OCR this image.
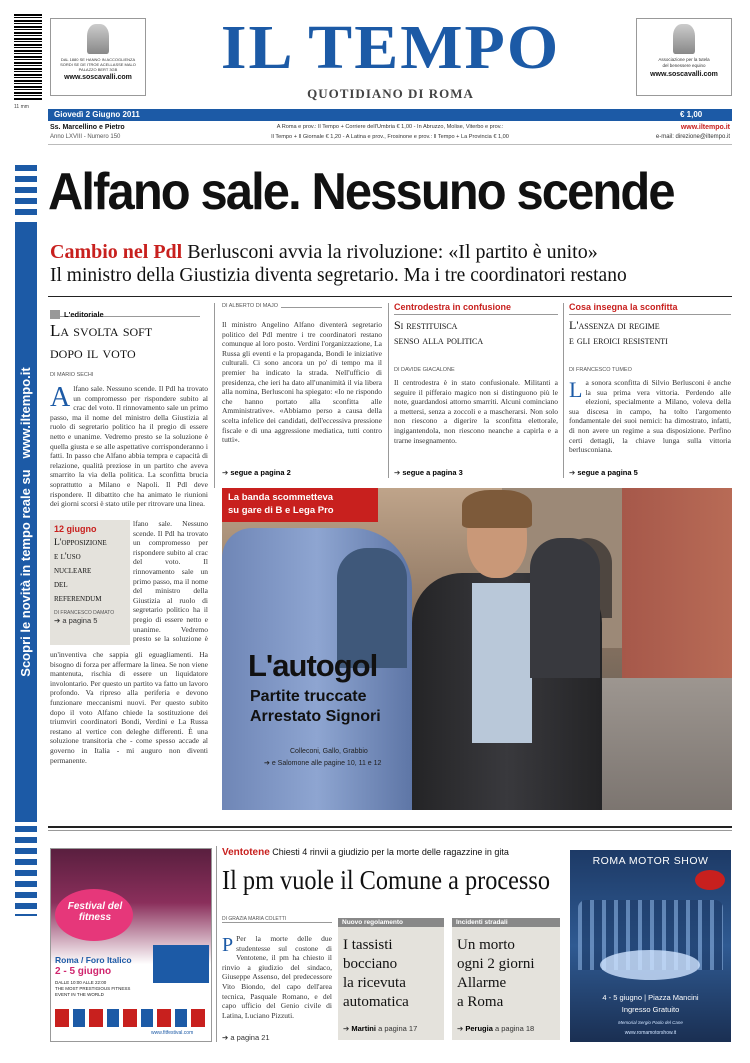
11 mm
DAL 1880 SE HANNO IN ACCOGLIENZA
SORDI SE DE ITROE ACELLASSE MALO
PALAZZO BERT 3GB
www.soscavalli.com	IL TEMPO
QUOTIDIANO DI ROMA
Associazione per la tutela
del benessere equino
www.soscavalli.com
Giovedì 2 Giugno 2011	€ 1,00
Ss. Marcellino e Pietro
Anno LXVIII - Numero 150
A Roma e prov.: Il Tempo + Corriere dell'Umbria € 1,00 - In Abruzzo, Molise, Viterbo e prov.:
Il Tempo + Il Giornale € 1,20 - A Latina e prov., Frosinone e prov.: Il Tempo + La Provincia € 1,00
www.iltempo.it
e-mail: direzione@iltempo.it
Scopri le novità in tempo reale su   www.iltempo.it
Alfano sale. Nessuno scende
Cambio nel Pdl Berlusconi avvia la rivoluzione: «Il partito è unito»
Il ministro della Giustizia diventa segretario. Ma i tre coordinatori restano
L'editoriale
La svolta soft
dopo il voto
DI MARIO SECHI
Alfano sale. Nessuno scende. Il Pdl ha trovato un compromesso per rispondere subito al crac del voto. Il rinnovamento sale un primo passo, ma il nome del ministro della Giustizia al ruolo di segretario politico ha il pregio di essere netto e unanime. Vedremo presto se la soluzione è quella giusta e se alle aspettative corrisponderanno i fatti. In passo che Alfano abbia tempra e capacità di relazione, qualità preziose in un partito che aveva smarrito la via della politica. La sconfitta brucia soprattutto a Milano e Napoli. Il Pdl deve rispondere. Il dibattito che ha animato le riunioni dei giorni scorsi è stato utile per ritrovare una linea.
lfano sale. Nessuno scende. Il Pdl ha trovato un compromesso per rispondere subito al crac del voto. Il rinnovamento sale un primo passo, ma il nome del ministro della Giustizia al ruolo di segretario politico ha il pregio di essere netto e unanime. Vedremo presto se la soluzione è
un'inventiva che sappia gli eguagliamenti. Ha bisogno di forza per affermare la linea. Se non viene mantenuta, rischia di essere un liquidatore involontario. Per questo un partito va fatto un lavoro profondo. Va ripreso alla periferia e devono funzionare meccanismi nuovi. Per questo subito dopo il voto Alfano chiede la sostituzione dei triumviri coordinatori Bondi, Verdini e La Russa restano al vertice con deleghe differenti. È una soluzione transitoria che - come spesso accade al governo in Italia - mi auguro non diventi permanente.
12 giugno
L'opposizione
e l'uso
nucleare
del
referendum
DI FRANCESCO DAMATO
➔ a pagina 5
DI ALBERTO DI MAJO
Il ministro Angelino Alfano diventerà segretario politico del Pdl mentre i tre coordinatori restano comunque al loro posto. Verdini l'organizzazione, La Russa gli eventi e la propaganda, Bondi le iniziative culturali. Ci sono ancora un po' di tempo ma il premier ha indicato la strada. Nell'ufficio di presidenza, che ieri ha dato all'unanimità il via libera alla nomina, Berlusconi ha spiegato: «Io ne rispondo che hanno portato alla sconfitta alle Amministrative». «Abbiamo perso a causa della scelta infelice dei candidati, dell'eccessiva pressione fiscale e di una aggressione mediatica, tutti contro tutti».
➔ segue a pagina 2
Centrodestra in confusione
Si restituisca
senso alla politica
DI DAVIDE GIACALONE
Il centrodestra è in stato confusionale. Militanti a seguire il pifferaio magico non si distinguono più le note, guardandosi attorno smarriti. Alcuni cominciano a mettersi, senza a zoccoli e a mascherarsi. Non solo non riescono a digerire la sconfitta elettorale, ingigantendola, non riescono neanche a capirla e a trarne insegnamento.
➔ segue a pagina 3
Cosa insegna la sconfitta
L'assenza di regime
e gli eroici resistenti
DI FRANCESCO TUMEO
La sonora sconfitta di Silvio Berlusconi è anche la sua prima vera vittoria. Perdendo alle elezioni, specialmente a Milano, voleva della sua discesa in campo, ha tolto l'argomento fondamentale dei suoi nemici: ha dimostrato, infatti, di non avere un regime a sua disposizione. Perfino certi dettagli, la chiave lunga sulla vittoria berlusconiana.
➔ segue a pagina 5
La banda scommetteva
su gare di B e Lega Pro
L'autogol
Partite truccate
Arrestato Signori
Colleconi, Gallo, Grabbio
➔ e Salomone alle pagine 10, 11 e 12
Festival del fitness
Roma / Foro Italico
2 - 5 giugno
DALLE 10:00 ALLE 22:00
THE MOST PRESTIGIOUS FITNESS
EVENT IN THE WORLD
www.fitfestival.com
Ventotene Chiesti 4 rinvii a giudizio per la morte delle ragazzine in gita
Il pm vuole il Comune a processo
DI GRAZIA MARIA COLETTI
P Per la morte delle due studentesse sul costone di Ventotene, il pm ha chiesto il rinvio a giudizio del sindaco, Giuseppe Assenso, del predecessore Vito Biondo, del capo dell'area tecnica, Pasquale Romano, e del capo ufficio del Genio civile di Latina, Luciano Pizzuti.
➔ a pagina 21
Nuovo regolamento
I tassisti
bocciano
la ricevuta
automatica
➔ Martini a pagina 17
Incidenti stradali
Un morto
ogni 2 giorni
Allarme
a Roma
➔ Perugia a pagina 18
ROMA MOTOR SHOW
4 - 5 giugno | Piazza Mancini
Ingresso Gratuito
Memorial Sergio Paolo del Cane
www.romamotorshow.it
